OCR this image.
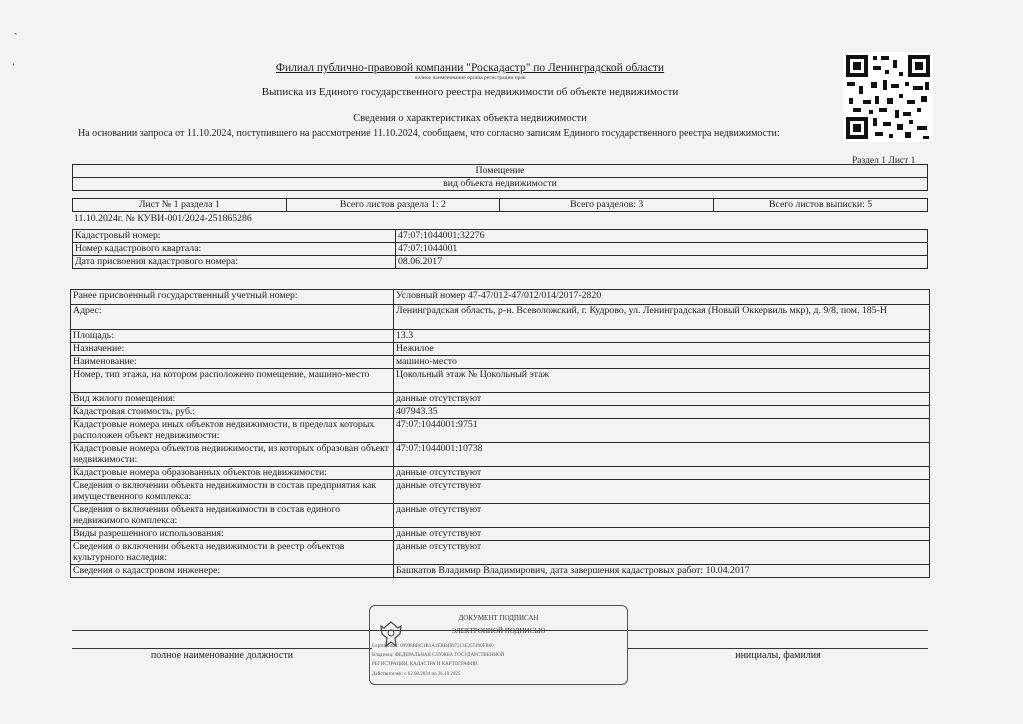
-
ʼ	Филиал публично-правовой компании "Роскадастр" по Ленинградской области
полное наименование органа регистрации прав
Выписка из Единого государственного реестра недвижимости об объекте недвижимости
Сведения о характеристиках объекта недвижимости
На основании запроса от 11.10.2024, поступившего на рассмотрение 11.10.2024, сообщаем, что согласно записям Единого государственного реестра недвижимости:
Раздел 1 Лист 1
Помещение
вид объекта недвижимости
Лист № 1 раздела 1	Всего листов раздела 1: 2	Всего разделов: 3	Всего листов выписки: 5
11.10.2024г. № КУВИ-001/2024-251865286
Кадастровый номер:	47:07:1044001:32276
Номер кадастрового квартала:	47:07:1044001
Дата присвоения кадастрового номера:	08.06.2017
Ранее присвоенный государственный учетный номер:	Условный номер 47-47/012-47/012/014/2017-2820
Адрес:	Ленинградская область, р-н. Всеволожский, г. Кудрово, ул. Ленинградская (Новый Оккервиль мкр), д. 9/8, пом. 185-Н
Площадь:	13.3
Назначение:	Нежилое
Наименование:	машино-место
Номер, тип этажа, на котором расположено помещение, машино-место	Цокольный этаж № Цокольный этаж
Вид жилого помещения:	данные отсутствуют
Кадастровая стоимость, руб.:	407943.35
Кадастровые номера иных объектов недвижимости, в пределах которых расположен объект недвижимости:	47:07:1044001:9751
Кадастровые номера объектов недвижимости, из которых образован объект недвижимости:	47:07:1044001:10738
Кадастровые номера образованных объектов недвижимости:	данные отсутствуют
Сведения о включении объекта недвижимости в состав предприятия как имущественного комплекса:	данные отсутствуют
Сведения о включении объекта недвижимости в состав единого недвижимого комплекса:	данные отсутствуют
Виды разрешенного использования:	данные отсутствуют
Сведения о включении объекта недвижимости в реестр объектов культурного наследия:	данные отсутствуют
Сведения о кадастровом инженере:	Башкатов Владимир Владимирович, дата завершения кадастровых работ: 10.04.2017
полное наименование должности	инициалы, фамилия
ДОКУМЕНТ ПОДПИСАН
ЭЛЕКТРОННОЙ ПОДПИСЬЮ
Сертификат: 00998BDC1B1A1EBB4897213E257490FB60
Владелец: ФЕДЕРАЛЬНАЯ СЛУЖБА ГОСУДАРСТВЕННОЙ
РЕГИСТРАЦИИ, КАДАСТРА И КАРТОГРАФИИ
Действителен: с 02.08.2024 по 26.10.2025
